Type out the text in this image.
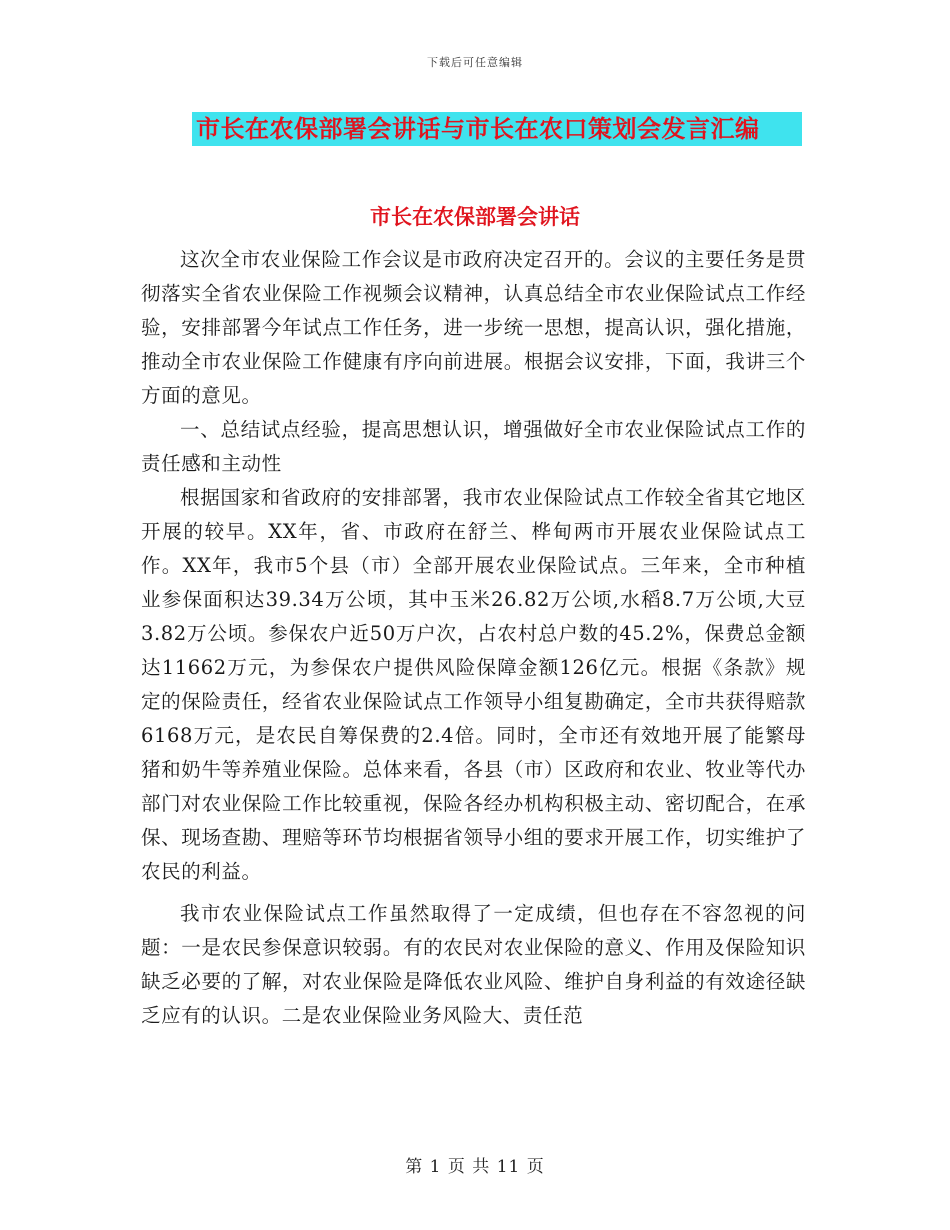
下载后可任意编辑
市长在农保部署会讲话与市长在农口策划会发言汇编
市长在农保部署会讲话

这次全市农业保险工作会议是市政府决定召开的。会议的主要任务是贯彻落实全省农业保险工作视频会议精神，认真总结全市农业保险试点工作经验，安排部署今年试点工作任务，进一步统一思想，提高认识，强化措施，推动全市农业保险工作健康有序向前进展。根据会议安排，下面，我讲三个方面的意见。

一、总结试点经验，提高思想认识，增强做好全市农业保险试点工作的责任感和主动性

根据国家和省政府的安排部署，我市农业保险试点工作较全省其它地区开展的较早。XX年，省、市政府在舒兰、桦甸两市开展农业保险试点工作。XX年，我市5个县（市）全部开展农业保险试点。三年来，全市种植业参保面积达39.34万公顷，其中玉米26.82万公顷,水稻8.7万公顷,大豆3.82万公顷。参保农户近50万户次，占农村总户数的45.2%，保费总金额达11662万元，为参保农户提供风险保障金额126亿元。根据《条款》规定的保险责任，经省农业保险试点工作领导小组复勘确定，全市共获得赔款6168万元，是农民自筹保费的2.4倍。同时，全市还有效地开展了能繁母猪和奶牛等养殖业保险。总体来看，各县（市）区政府和农业、牧业等代办部门对农业保险工作比较重视，保险各经办机构积极主动、密切配合，在承保、现场查勘、理赔等环节均根据省领导小组的要求开展工作，切实维护了农民的利益。

我市农业保险试点工作虽然取得了一定成绩，但也存在不容忽视的问题：一是农民参保意识较弱。有的农民对农业保险的意义、作用及保险知识缺乏必要的了解，对农业保险是降低农业风险、维护自身利益的有效途径缺乏应有的认识。二是农业保险业务风险大、责任范

第 1 页 共 11 页
